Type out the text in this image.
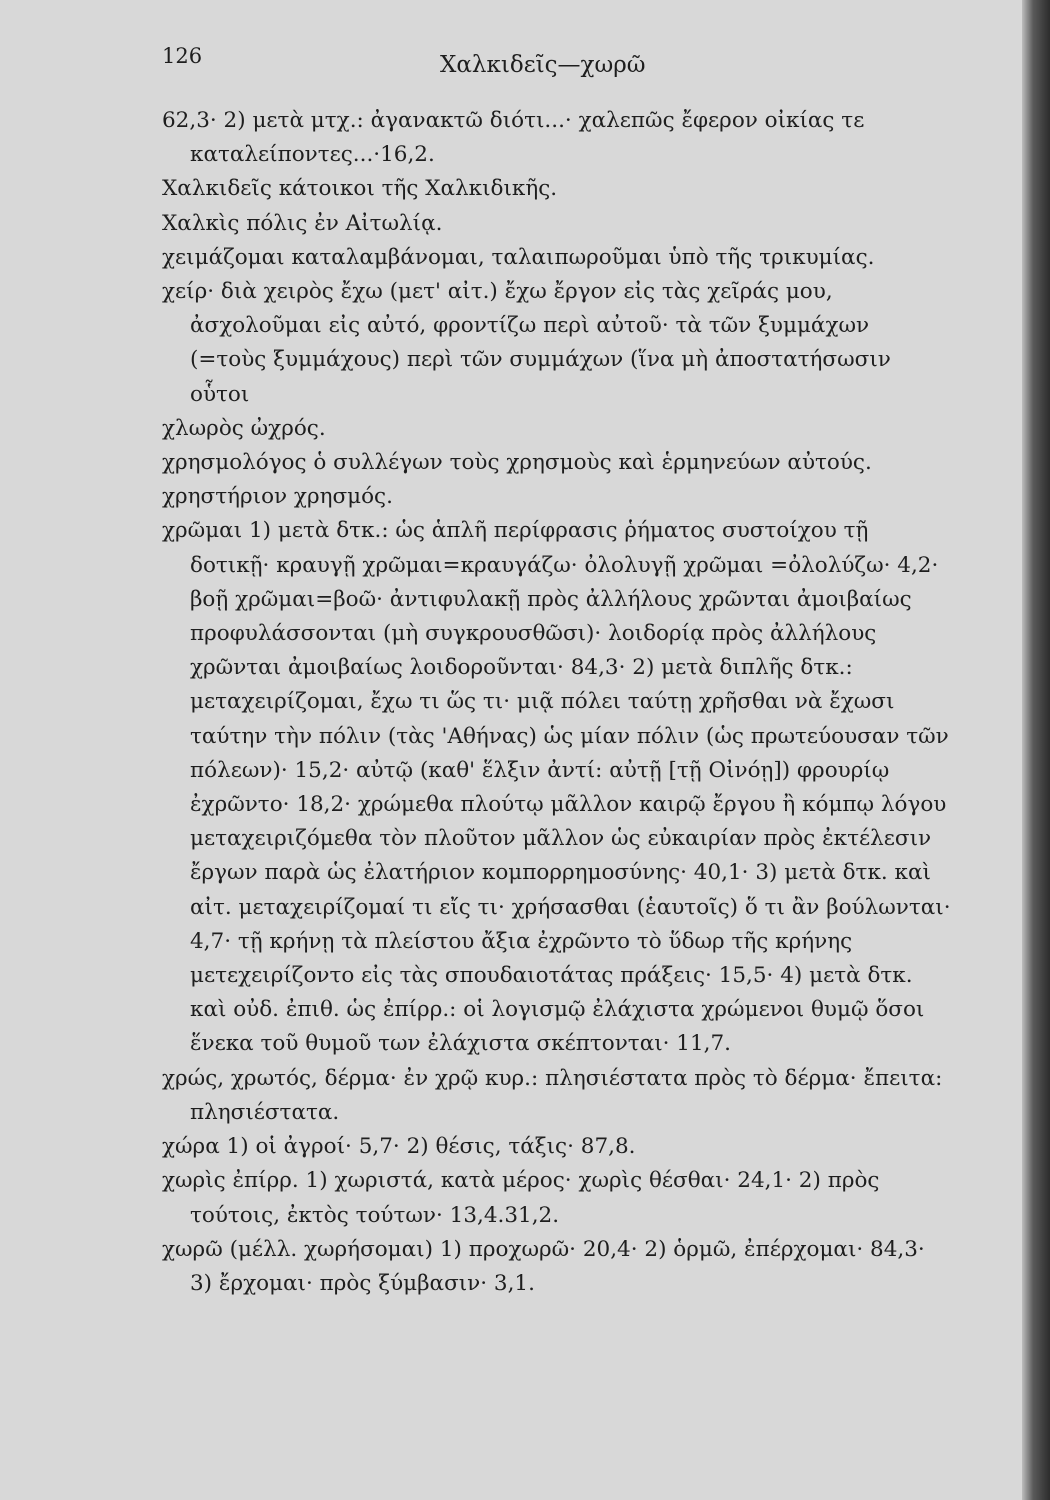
126	Χαλκιδεῖς—χωρῶ

62,3· 2) μετὰ μτχ.: ἀγανακτῶ διότι...· χαλεπῶς ἔφερον οἰκίας τε καταλείποντες...·16,2.

Χαλκιδεῖς κάτοικοι τῆς Χαλκιδικῆς.

Χαλκὶς πόλις ἐν Αἰτωλίᾳ.

χειμάζομαι καταλαμβάνομαι, ταλαιπωροῦμαι ὑπὸ τῆς τρικυμίας.

χείρ· διὰ χειρὸς ἔχω (μετ' αἰτ.) ἔχω ἔργον εἰς τὰς χεῖράς μου, ἀσχολοῦμαι εἰς αὐτό, φροντίζω περὶ αὐτοῦ· τὰ τῶν ξυμμάχων (=τοὺς ξυμμάχους) περὶ τῶν συμμάχων (ἵνα μὴ ἀποστατήσωσιν οὗτοι

χλωρὸς ὠχρός.

χρησμολόγος ὁ συλλέγων τοὺς χρησμοὺς καὶ ἑρμηνεύων αὐτούς.

χρηστήριον χρησμός.

χρῶμαι 1) μετὰ δτκ.: ὡς ἁπλῆ περίφρασις ῥήματος συστοίχου τῇ δοτικῇ· κραυγῇ χρῶμαι=κραυγάζω· ὀλολυγῇ χρῶμαι =ὀλολύζω· 4,2· βοῇ χρῶμαι=βοῶ· ἀντιφυλακῇ πρὸς ἀλλήλους χρῶνται ἀμοιβαίως προφυλάσσονται (μὴ συγκρουσθῶσι)· λοιδορίᾳ πρὸς ἀλλήλους χρῶνται ἀμοιβαίως λοιδοροῦνται· 84,3· 2) μετὰ διπλῆς δτκ.: μεταχειρίζομαι, ἔχω τι ὥς τι· μιᾷ πόλει ταύτῃ χρῆσθαι νὰ ἔχωσι ταύτην τὴν πόλιν (τὰς 'Αθήνας) ὡς μίαν πόλιν (ὡς πρωτεύουσαν τῶν πόλεων)· 15,2· αὐτῷ (καθ' ἕλξιν ἀντί: αὐτῇ [τῇ Οἰνόῃ]) φρουρίῳ ἐχρῶντο· 18,2· χρώμεθα πλούτῳ μᾶλλον καιρῷ ἔργου ἢ κόμπῳ λόγου μεταχειριζόμεθα τὸν πλοῦτον μᾶλλον ὡς εὐκαιρίαν πρὸς ἐκτέλεσιν ἔργων παρὰ ὡς ἐλατήριον κομπορρημοσύνης· 40,1· 3) μετὰ δτκ. καὶ αἰτ. μεταχειρίζομαί τι εἴς τι· χρήσασθαι (ἑαυτοῖς) ὅ τι ἂν βούλωνται· 4,7· τῇ κρήνῃ τὰ πλείστου ἄξια ἐχρῶντο τὸ ὕδωρ τῆς κρήνης μετεχειρίζοντο εἰς τὰς σπουδαιοτάτας πράξεις· 15,5· 4) μετὰ δτκ. καὶ οὐδ. ἐπιθ. ὡς ἐπίρρ.: οἱ λογισμῷ ἐλάχιστα χρώμενοι θυμῷ ὅσοι ἕνεκα τοῦ θυμοῦ των ἐλάχιστα σκέπτονται· 11,7.

χρώς, χρωτός, δέρμα· ἐν χρῷ κυρ.: πλησιέστατα πρὸς τὸ δέρμα· ἔπειτα: πλησιέστατα.

χώρα 1) οἱ ἀγροί· 5,7· 2) θέσις, τάξις· 87,8.

χωρὶς ἐπίρρ. 1) χωριστά, κατὰ μέρος· χωρὶς θέσθαι· 24,1· 2) πρὸς τούτοις, ἐκτὸς τούτων· 13,4.31,2.

χωρῶ (μέλλ. χωρήσομαι) 1) προχωρῶ· 20,4· 2) ὁρμῶ, ἐπέρχομαι· 84,3· 3) ἔρχομαι· πρὸς ξύμβασιν· 3,1.
